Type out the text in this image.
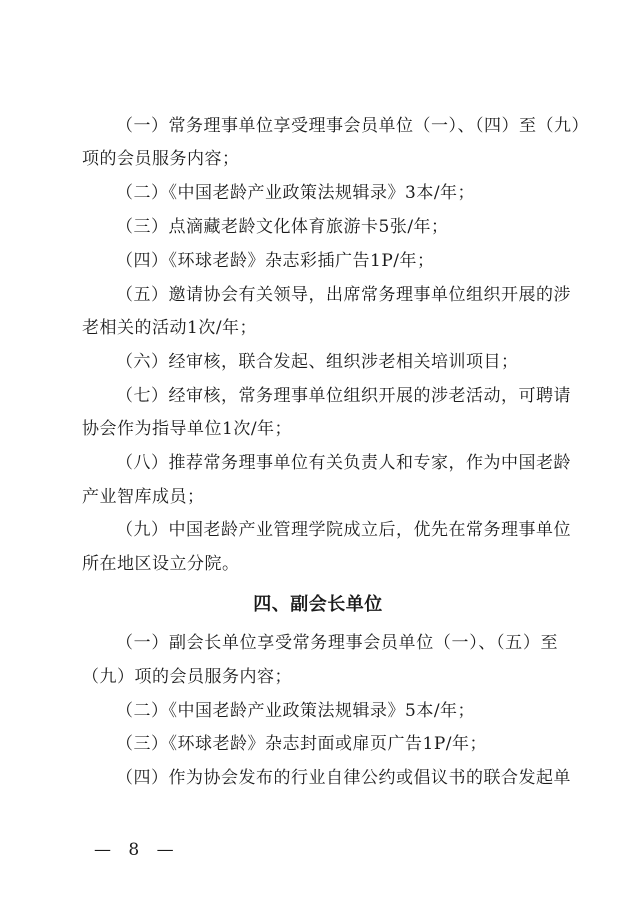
（一）常务理事单位享受理事会员单位（一）、（四）至（九）
项的会员服务内容；
（二）《中国老龄产业政策法规辑录》3本/年；
（三）点滴藏老龄文化体育旅游卡5张/年；
（四）《环球老龄》杂志彩插广告1P/年；
（五）邀请协会有关领导，出席常务理事单位组织开展的涉
老相关的活动1次/年；
（六）经审核，联合发起、组织涉老相关培训项目；
（七）经审核，常务理事单位组织开展的涉老活动，可聘请
协会作为指导单位1次/年；
（八）推荐常务理事单位有关负责人和专家，作为中国老龄
产业智库成员；
（九）中国老龄产业管理学院成立后，优先在常务理事单位
所在地区设立分院。
四、副会长单位
（一）副会长单位享受常务理事会员单位（一）、（五）至
（九）项的会员服务内容；
（二）《中国老龄产业政策法规辑录》5本/年；
（三）《环球老龄》杂志封面或扉页广告1P/年；
（四）作为协会发布的行业自律公约或倡议书的联合发起单
— 8 —
